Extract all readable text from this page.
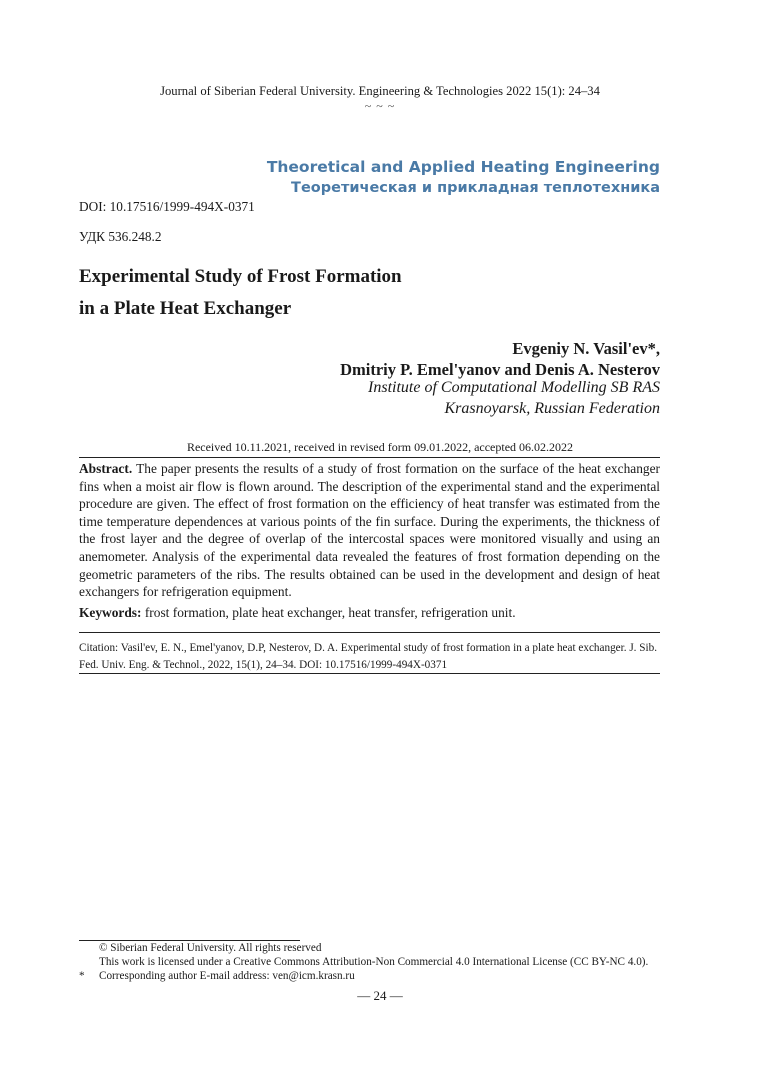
Journal of Siberian Federal University. Engineering & Technologies 2022 15(1): 24–34
~ ~ ~
Theoretical and Applied Heating Engineering
Теоретическая и прикладная теплотехника
DOI: 10.17516/1999-494X-0371
УДК 536.248.2
Experimental Study of Frost Formation
in a Plate Heat Exchanger
Evgeniy N. Vasil'ev*,
Dmitriy P. Emel'yanov and Denis A. Nesterov
Institute of Computational Modelling SB RAS
Krasnoyarsk, Russian Federation
Received 10.11.2021, received in revised form 09.01.2022, accepted 06.02.2022
Abstract. The paper presents the results of a study of frost formation on the surface of the heat exchanger fins when a moist air flow is flown around. The description of the experimental stand and the experimental procedure are given. The effect of frost formation on the efficiency of heat transfer was estimated from the time temperature dependences at various points of the fin surface. During the experiments, the thickness of the frost layer and the degree of overlap of the intercostal spaces were monitored visually and using an anemometer. Analysis of the experimental data revealed the features of frost formation depending on the geometric parameters of the ribs. The results obtained can be used in the development and design of heat exchangers for refrigeration equipment.
Keywords: frost formation, plate heat exchanger, heat transfer, refrigeration unit.
Citation: Vasil'ev, E. N., Emel'yanov, D.P, Nesterov, D. A. Experimental study of frost formation in a plate heat exchanger. J. Sib. Fed. Univ. Eng. & Technol., 2022, 15(1), 24–34. DOI: 10.17516/1999-494X-0371
© Siberian Federal University. All rights reserved
This work is licensed under a Creative Commons Attribution-Non Commercial 4.0 International License (CC BY-NC 4.0).
* Corresponding author E-mail address: ven@icm.krasn.ru
— 24 —
